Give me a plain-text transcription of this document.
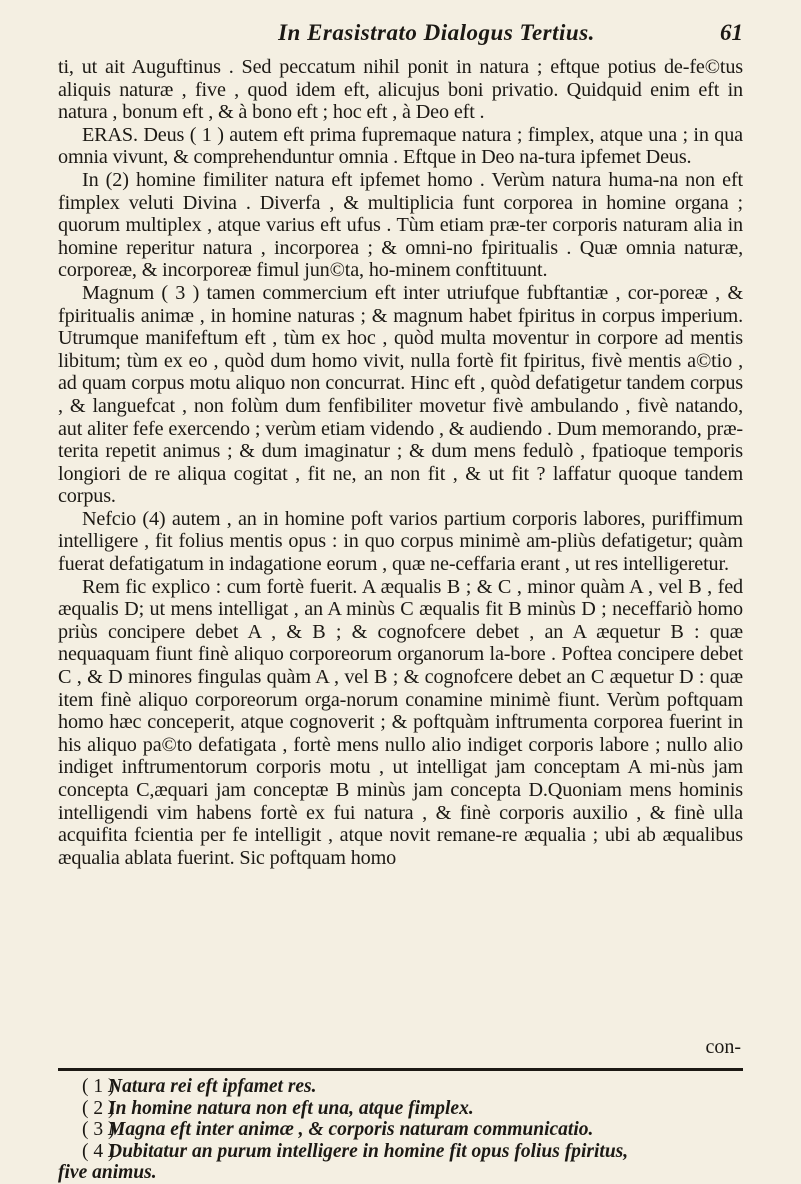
In Erasistrato Dialogus Tertius.	61

ti, ut ait Auguftinus . Sed peccatum nihil ponit in natura ; eftque potius de-fe©tus aliquis naturæ , five , quod idem eft, alicujus boni privatio. Quidquid enim eft in natura , bonum eft , & à bono eft ; hoc eft , à Deo eft .

ERAS. Deus ( 1 ) autem eft prima fupremaque natura ; fimplex, atque una ; in qua omnia vivunt, & comprehenduntur omnia . Eftque in Deo na-tura ipfemet Deus.

In (2) homine fimiliter natura eft ipfemet homo . Verùm natura huma-na non eft fimplex veluti Divina . Diverfa , & multiplicia funt corporea in homine organa ; quorum multiplex , atque varius eft ufus . Tùm etiam præ-ter corporis naturam alia in homine reperitur natura , incorporea ; & omni-no fpiritualis . Quæ omnia naturæ, corporeæ, & incorporeæ fimul jun©ta, ho-minem conftituunt.

Magnum ( 3 ) tamen commercium eft inter utriufque fubftantiæ , cor-poreæ , & fpiritualis animæ , in homine naturas ; & magnum habet fpiritus in corpus imperium. Utrumque manifeftum eft , tùm ex hoc , quòd multa moventur in corpore ad mentis libitum; tùm ex eo , quòd dum homo vivit, nulla fortè fit fpiritus, fivè mentis a©tio , ad quam corpus motu aliquo non concurrat. Hinc eft , quòd defatigetur tandem corpus , & languefcat , non folùm dum fenfibiliter movetur fivè ambulando , fivè natando, aut aliter fefe exercendo ; verùm etiam videndo , & audiendo . Dum memorando, præ-terita repetit animus ; & dum imaginatur ; & dum mens fedulò , fpatioque temporis longiori de re aliqua cogitat , fit ne, an non fit , & ut fit ? laffatur quoque tandem corpus.

Nefcio (4) autem , an in homine poft varios partium corporis labores, puriffimum intelligere , fit folius mentis opus : in quo corpus minimè am-pliùs defatigetur; quàm fuerat defatigatum in indagatione eorum , quæ ne-ceffaria erant , ut res intelligeretur.

Rem fic explico : cum fortè fuerit. A æqualis B ; & C , minor quàm A , vel B , fed æqualis D; ut mens intelligat , an A minùs C æqualis fit B minùs D ; neceffariò homo priùs concipere debet A , & B ; & cognofcere debet , an A æquetur B : quæ nequaquam fiunt finè aliquo corporeorum organorum la-bore . Poftea concipere debet C , & D minores fingulas quàm A , vel B ; & cognofcere debet an C æquetur D : quæ item finè aliquo corporeorum orga-norum conamine minimè fiunt. Verùm poftquam homo hæc conceperit, atque cognoverit ; & poftquàm inftrumenta corporea fuerint in his aliquo pa©to defatigata , fortè mens nullo alio indiget corporis labore ; nullo alio indiget inftrumentorum corporis motu , ut intelligat jam conceptam A mi-nùs jam concepta C,æquari jam conceptæ B minùs jam concepta D.Quoniam mens hominis intelligendi vim habens fortè ex fui natura , & finè corporis auxilio , & finè ulla acquifita fcientia per fe intelligit , atque novit remane-re æqualia ; ubi ab æqualibus æqualia ablata fuerint. Sic poftquam homo

con-

( 1 )Natura rei eft ipfamet res.

( 2 )In homine natura non eft una, atque fimplex.

( 3 )Magna eft inter animæ , & corporis naturam communicatio.

( 4 )Dubitatur an purum intelligere in homine fit opus folius fpiritus,

five animus.
